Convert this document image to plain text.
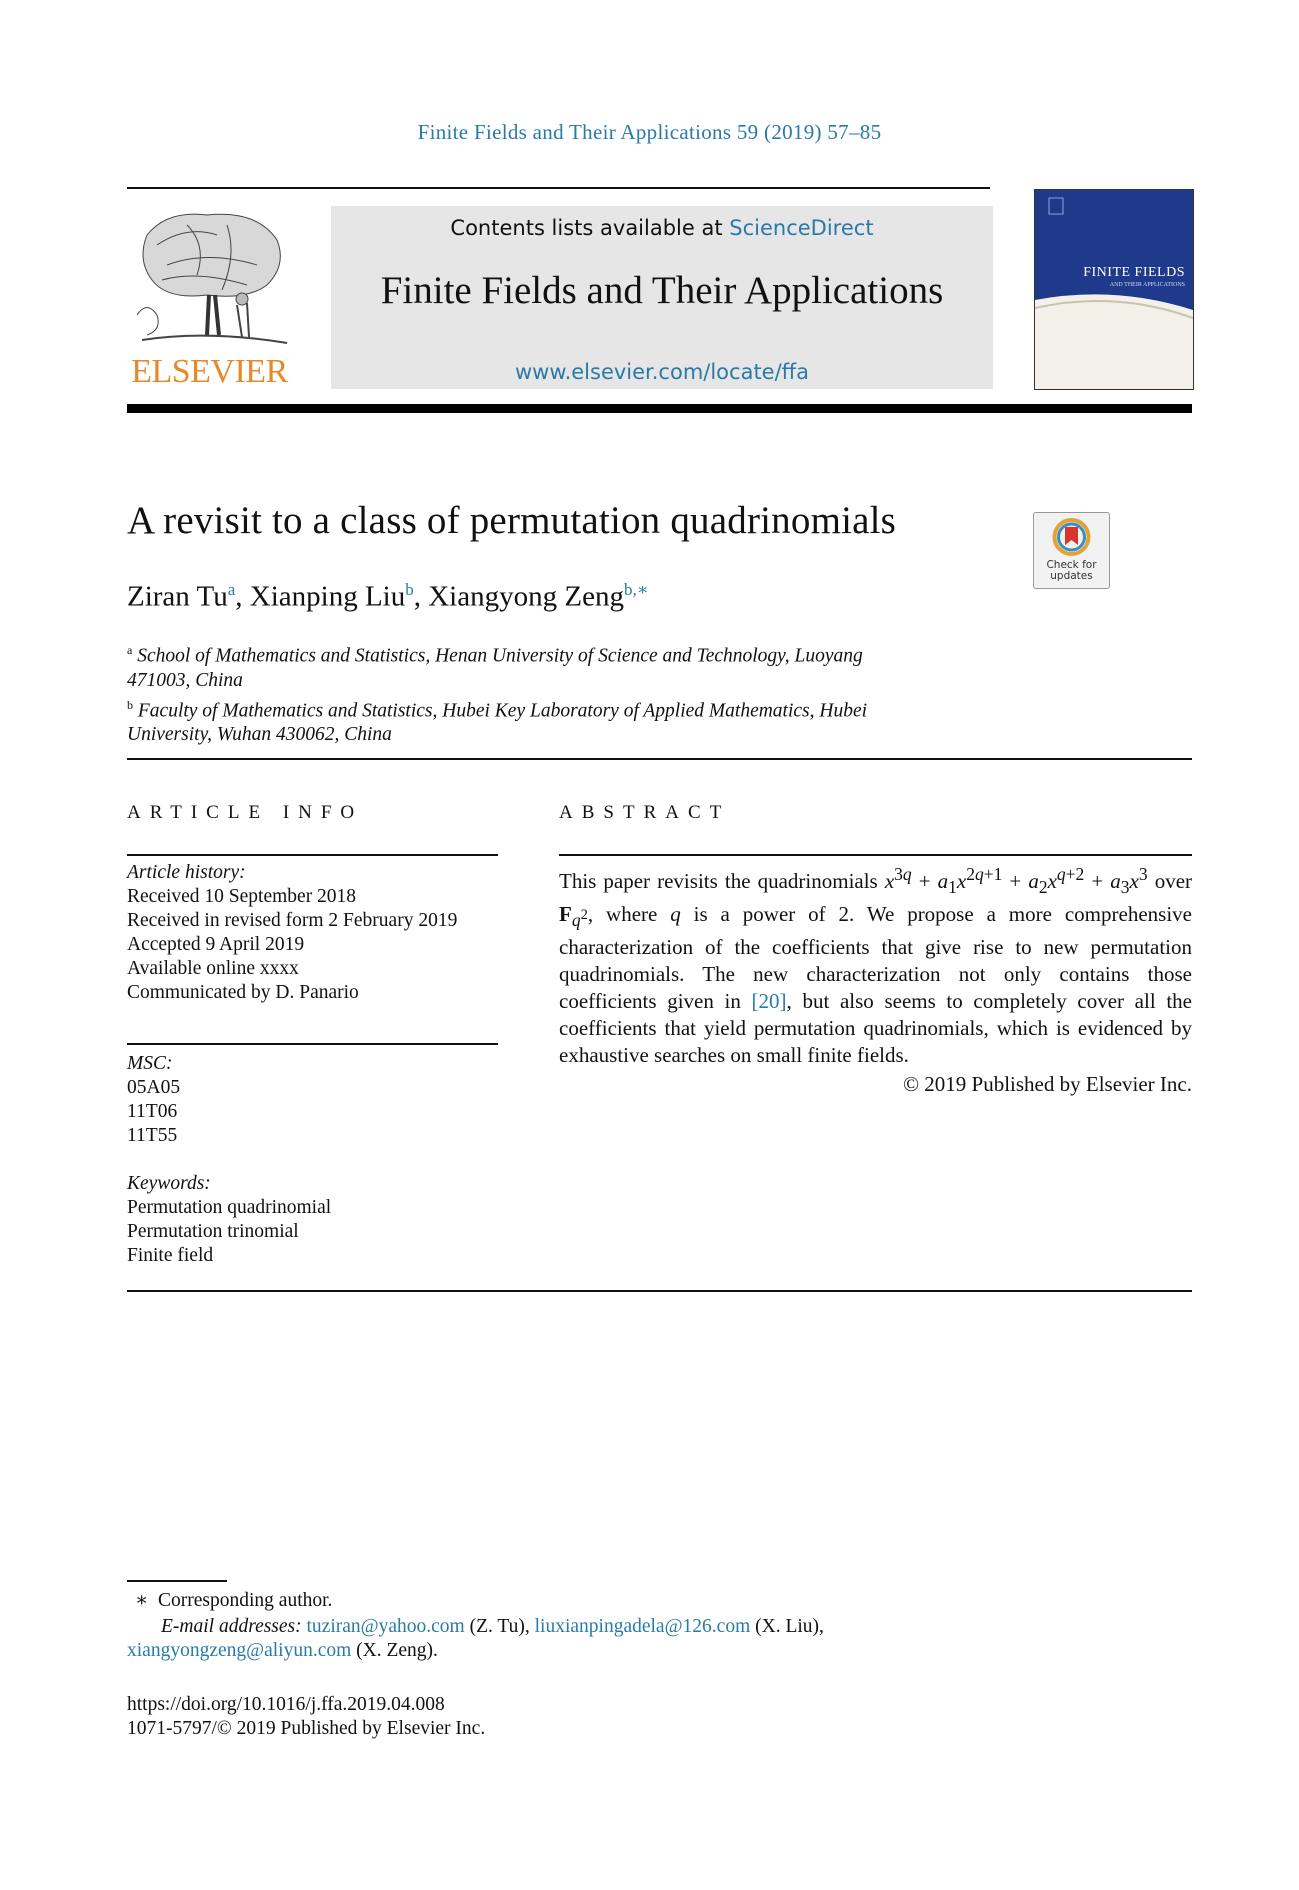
Finite Fields and Their Applications 59 (2019) 57–85
ELSEVIER
Contents lists available at ScienceDirect
Finite Fields and Their Applications
www.elsevier.com/locate/ffa
FINITE FIELDS
AND THEIR APPLICATIONS
A revisit to a class of permutation quadrinomials
Check for
updates
Ziran Tu$^a$, Xianping Liu$^b$, Xiangyong Zeng$^{b,∗}$
$^a$ School of Mathematics and Statistics, Henan University of Science and Technology, Luoyang 471003, China
$^b$ Faculty of Mathematics and Statistics, Hubei Key Laboratory of Applied Mathematics, Hubei University, Wuhan 430062, China
ARTICLE INFO
Article history:
Received 10 September 2018
Received in revised form 2 February 2019
Accepted 9 April 2019
Available online xxxx
Communicated by D. Panario
MSC:
05A05
11T06
11T55
Keywords:
Permutation quadrinomial
Permutation trinomial
Finite field
ABSTRACT
This paper revisits the quadrinomials $x^{3q} + a_1x^{2q+1} + a_2x^{q+2} + a_3x^3$ over $F_{q^2}$, where q is a power of 2. We propose a more comprehensive characterization of the coefficients that give rise to new permutation quadrinomials. The new characterization not only contains those coefficients given in [20], but also seems to completely cover all the coefficients that yield permutation quadrinomials, which is evidenced by exhaustive searches on small finite fields.
© 2019 Published by Elsevier Inc.
∗ Corresponding author.
E-mail addresses: tuziran@yahoo.com (Z. Tu), liuxianpingadela@126.com (X. Liu),
xiangyongzeng@aliyun.com (X. Zeng).
https://doi.org/10.1016/j.ffa.2019.04.008
1071-5797/© 2019 Published by Elsevier Inc.
